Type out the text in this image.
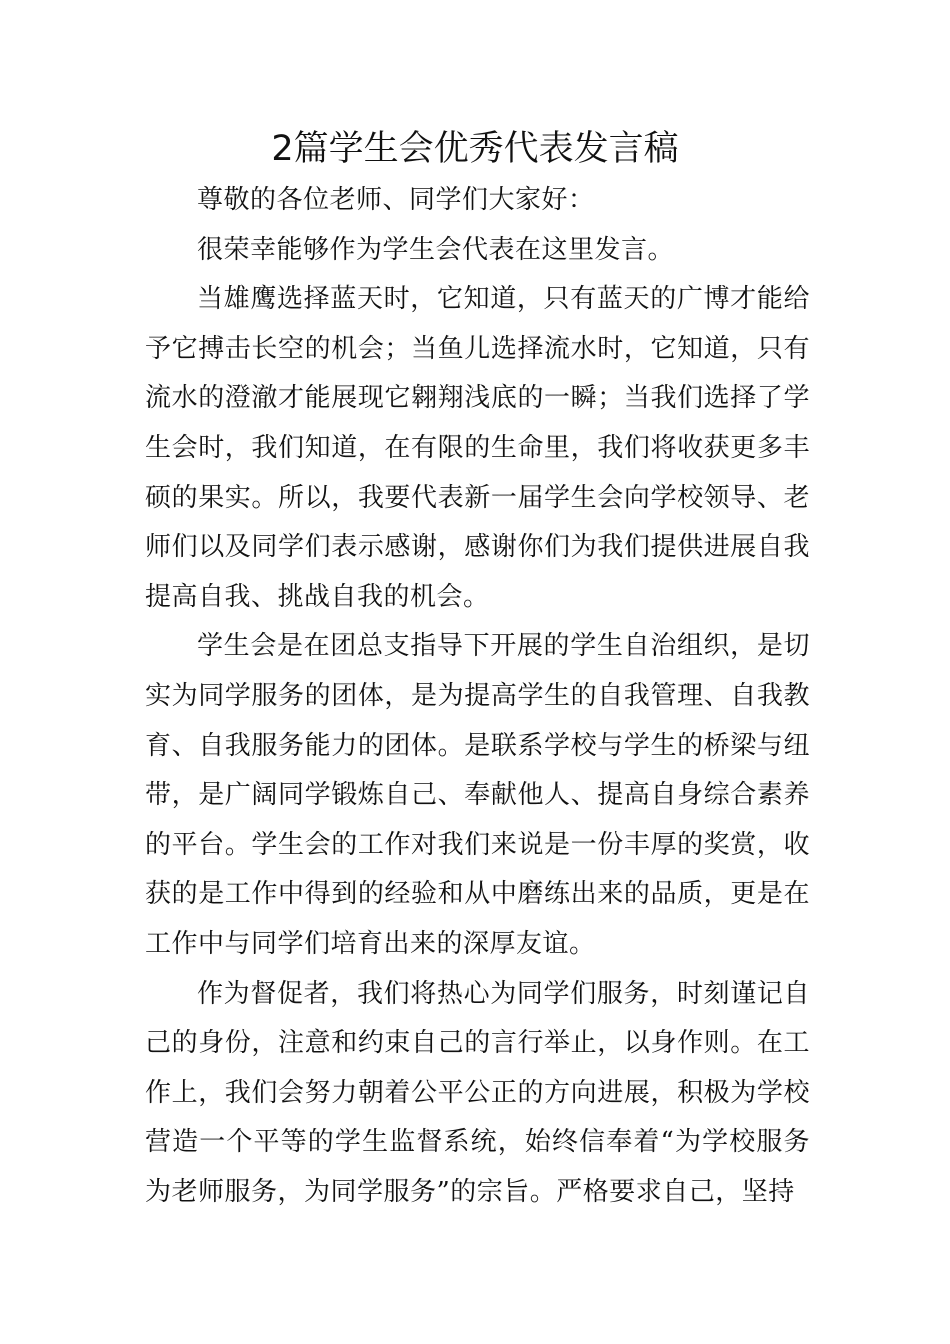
2篇学生会优秀代表发言稿

尊敬的各位老师、同学们大家好：

很荣幸能够作为学生会代表在这里发言。

当雄鹰选择蓝天时，它知道，只有蓝天的广博才能给予它搏击长空的机会；当鱼儿选择流水时，它知道，只有流水的澄澈才能展现它翱翔浅底的一瞬；当我们选择了学生会时，我们知道，在有限的生命里，我们将收获更多丰硕的果实。所以，我要代表新一届学生会向学校领导、老师们以及同学们表示感谢，感谢你们为我们提供进展自我提高自我、挑战自我的机会。

学生会是在团总支指导下开展的学生自治组织，是切实为同学服务的团体，是为提高学生的自我管理、自我教育、自我服务能力的团体。是联系学校与学生的桥梁与纽带，是广阔同学锻炼自己、奉献他人、提高自身综合素养的平台。学生会的工作对我们来说是一份丰厚的奖赏，收获的是工作中得到的经验和从中磨练出来的品质，更是在工作中与同学们培育出来的深厚友谊。

作为督促者，我们将热心为同学们服务，时刻谨记自己的身份，注意和约束自己的言行举止，以身作则。在工作上，我们会努力朝着公平公正的方向进展，积极为学校营造一个平等的学生监督系统，始终信奉着“为学校服务为老师服务，为同学服务”的宗旨。严格要求自己，坚持
